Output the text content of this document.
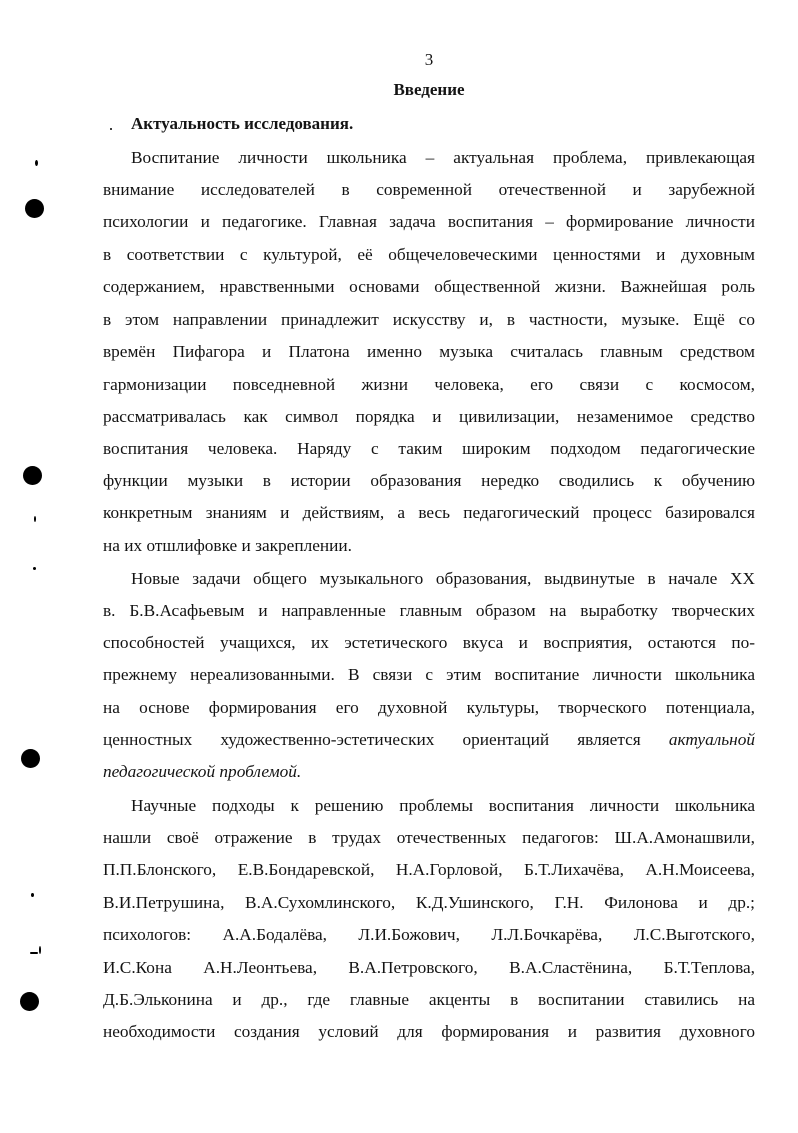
3
Введение
Актуальность исследования.
Воспитание личности школьника – актуальная проблема, привлекающая
внимание исследователей в современной отечественной и зарубежной
психологии и педагогике. Главная задача воспитания – формирование личности
в соответствии с культурой, её общечеловеческими ценностями и духовным
содержанием, нравственными основами общественной жизни. Важнейшая роль
в этом направлении принадлежит искусству и, в частности, музыке. Ещё со
времён Пифагора и Платона именно музыка считалась главным средством
гармонизации повседневной жизни человека, его связи с космосом,
рассматривалась как символ порядка и цивилизации, незаменимое средство
воспитания человека. Наряду с таким широким подходом педагогические
функции музыки в истории образования нередко сводились к обучению
конкретным знаниям и действиям, а весь педагогический процесс базировался
на их отшлифовке и закреплении.
Новые задачи общего музыкального образования, выдвинутые в начале XX
в. Б.В.Асафьевым и направленные главным образом на выработку творческих
способностей учащихся, их эстетического вкуса и восприятия, остаются по-
прежнему нереализованными. В связи с этим воспитание личности школьника
на основе формирования его духовной культуры, творческого потенциала,
ценностных художественно-эстетических ориентаций является актуальной
педагогической проблемой.
Научные подходы к решению проблемы воспитания личности школьника
нашли своё отражение в трудах отечественных педагогов: Ш.А.Амонашвили,
П.П.Блонского, Е.В.Бондаревской, Н.А.Горловой, Б.Т.Лихачёва, А.Н.Моисеева,
В.И.Петрушина, В.А.Сухомлинского, К.Д.Ушинского, Г.Н. Филонова и др.;
психологов: А.А.Бодалёва, Л.И.Божович, Л.Л.Бочкарёва, Л.С.Выготского,
И.С.Кона А.Н.Леонтьева, В.А.Петровского, В.А.Сластёнина, Б.Т.Теплова,
Д.Б.Эльконина и др., где главные акценты в воспитании ставились на
необходимости создания условий для формирования и развития духовного
